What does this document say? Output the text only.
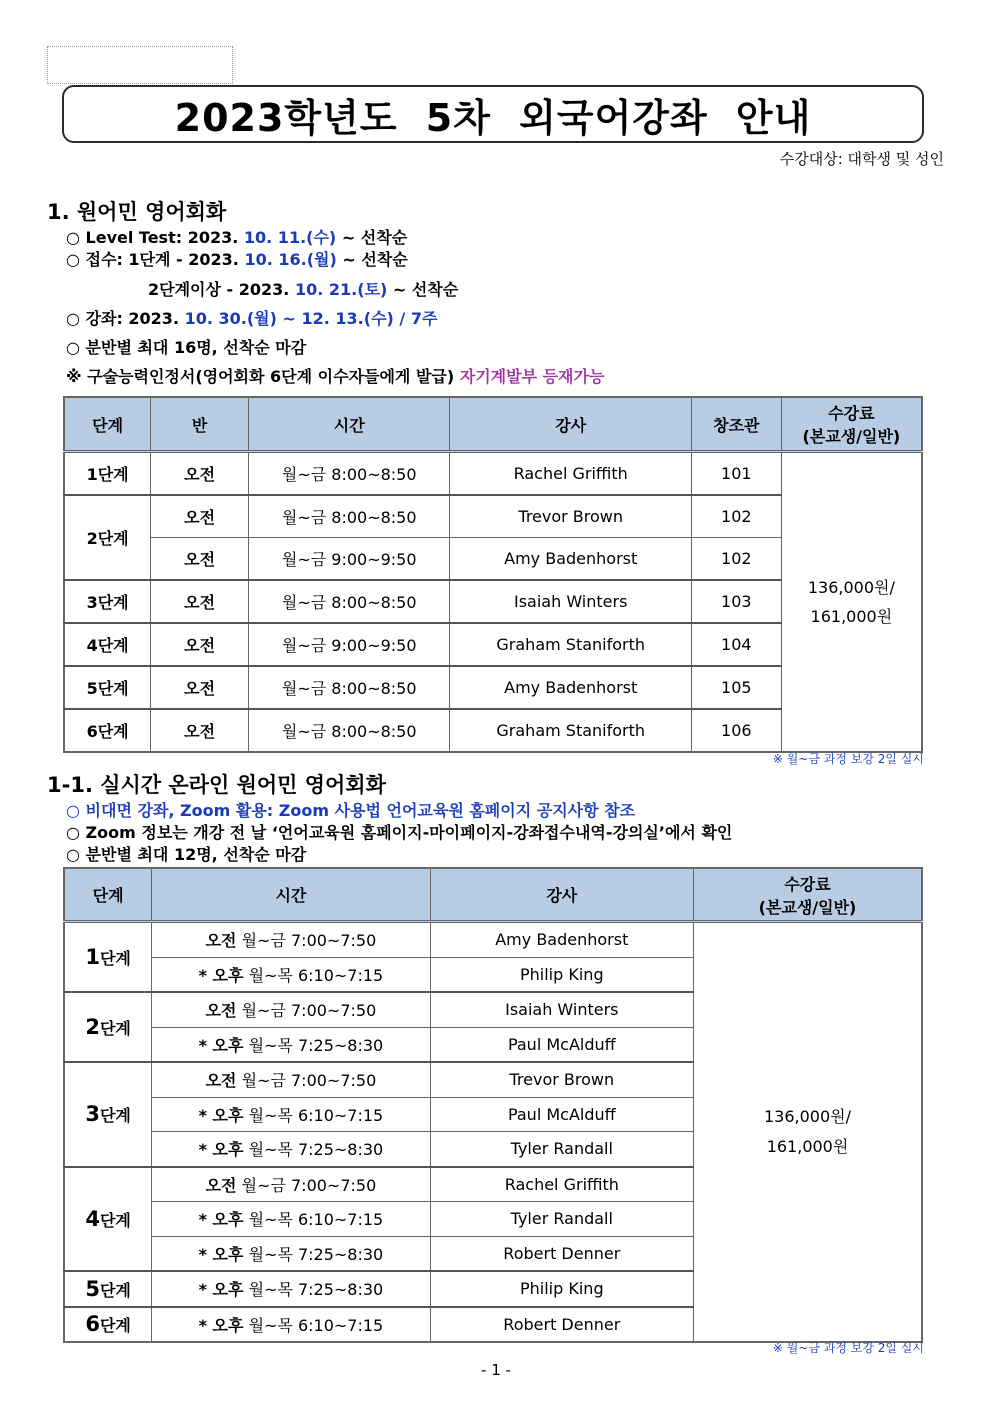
2023학년도 5차 외국어강좌 안내
수강대상: 대학생 및 성인
1. 원어민 영어회화
○ Level Test: 2023. 10. 11.(수) ~ 선착순
○ 접수: 1단계 - 2023. 10. 16.(월) ~ 선착순
2단계이상 - 2023. 10. 21.(토) ~ 선착순
○ 강좌: 2023. 10. 30.(월) ~ 12. 13.(수) / 7주
○ 분반별 최대 16명, 선착순 마감
※ 구술능력인정서(영어회화 6단계 이수자들에게 발급) 자기계발부 등재가능
단계	반	시간	강사	창조관	수강료
(본교생/일반)

1단계	오전	월~금 8:00~8:50	Rachel Griffith	101	136,000원/
161,000원

2단계	오전	월~금 8:00~8:50	Trevor Brown	102	
	오전	월~금 9:00~9:50	Amy Badenhorst	102	
3단계	오전	월~금 8:00~8:50	Isaiah Winters	103	
4단계	오전	월~금 9:00~9:50	Graham Staniforth	104	
5단계	오전	월~금 8:00~8:50	Amy Badenhorst	105	
6단계	오전	월~금 8:00~8:50	Graham Staniforth	106	
※ 월~금 과정 보강 2일 실시
1-1. 실시간 온라인 원어민 영어회화
○ 비대면 강좌, Zoom 활용: Zoom 사용법 언어교육원 홈페이지 공지사항 참조
○ Zoom 정보는 개강 전 날 ‘언어교육원 홈페이지-마이페이지-강좌접수내역-강의실’에서 확인
○ 분반별 최대 12명, 선착순 마감
단계	시간	강사	수강료
(본교생/일반)

1단계	오전 월~금 7:00~7:50	Amy Badenhorst	136,000원/
161,000원

	* 오후 월~목 6:10~7:15	Philip King	
2단계	오전 월~금 7:00~7:50	Isaiah Winters	
	* 오후 월~목 7:25~8:30	Paul McAlduff	
3단계	오전 월~금 7:00~7:50	Trevor Brown	
	* 오후 월~목 6:10~7:15	Paul McAlduff	
	* 오후 월~목 7:25~8:30	Tyler Randall	
4단계	오전 월~금 7:00~7:50	Rachel Griffith	
	* 오후 월~목 6:10~7:15	Tyler Randall	
	* 오후 월~목 7:25~8:30	Robert Denner	
5단계	* 오후 월~목 7:25~8:30	Philip King	
6단계	* 오후 월~목 6:10~7:15	Robert Denner	
※ 월~금 과정 보강 2일 실시
- 1 -
